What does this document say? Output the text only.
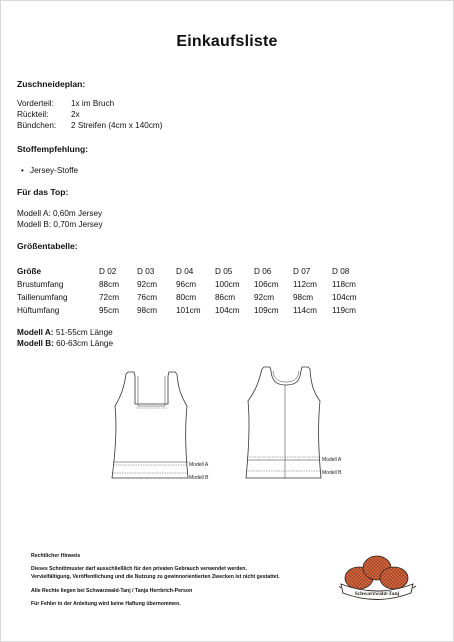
Einkaufsliste
Zuschneideplan:
Vorderteil: 1x im Bruch
Rückteil:	2x
Bündchen: 2 Streifen (4cm x 140cm)
Stoffempfehlung:
• Jersey-Stoffe
Für das Top:
Modell A: 0,60m Jersey
Modell B: 0,70m Jersey
Größentabelle:
Größe	D 02	D 03	D 04	D 05	D 06	D 07	D 08
Brustumfang	88cm	92cm	96cm	100cm	106cm	112cm	118cm
Taillenumfang	72cm	76cm	80cm	86cm	92cm	98cm	104cm
Hüftumfang	95cm	98cm	101cm	104cm	109cm	114cm	119cm
Modell A: 51-55cm Länge
Modell B: 60-63cm Länge
Modell A
Modell B
Modell A
Modell B
Rechtlicher Hinweis
Dieses Schnittmuster darf ausschließlich für den privaten Gebrauch verwendet werden.
Vervielfältigung, Veröffentlichung und die Nutzung zu gewinnorientierten Zwecken ist nicht gestattet.
Alle Rechte liegen bei Schwarzwald-Tanj / Tanja Herrbrich-Person
Für Fehler in der Anleitung wird keine Haftung übernommen.
Schwarzwald-Tanj
